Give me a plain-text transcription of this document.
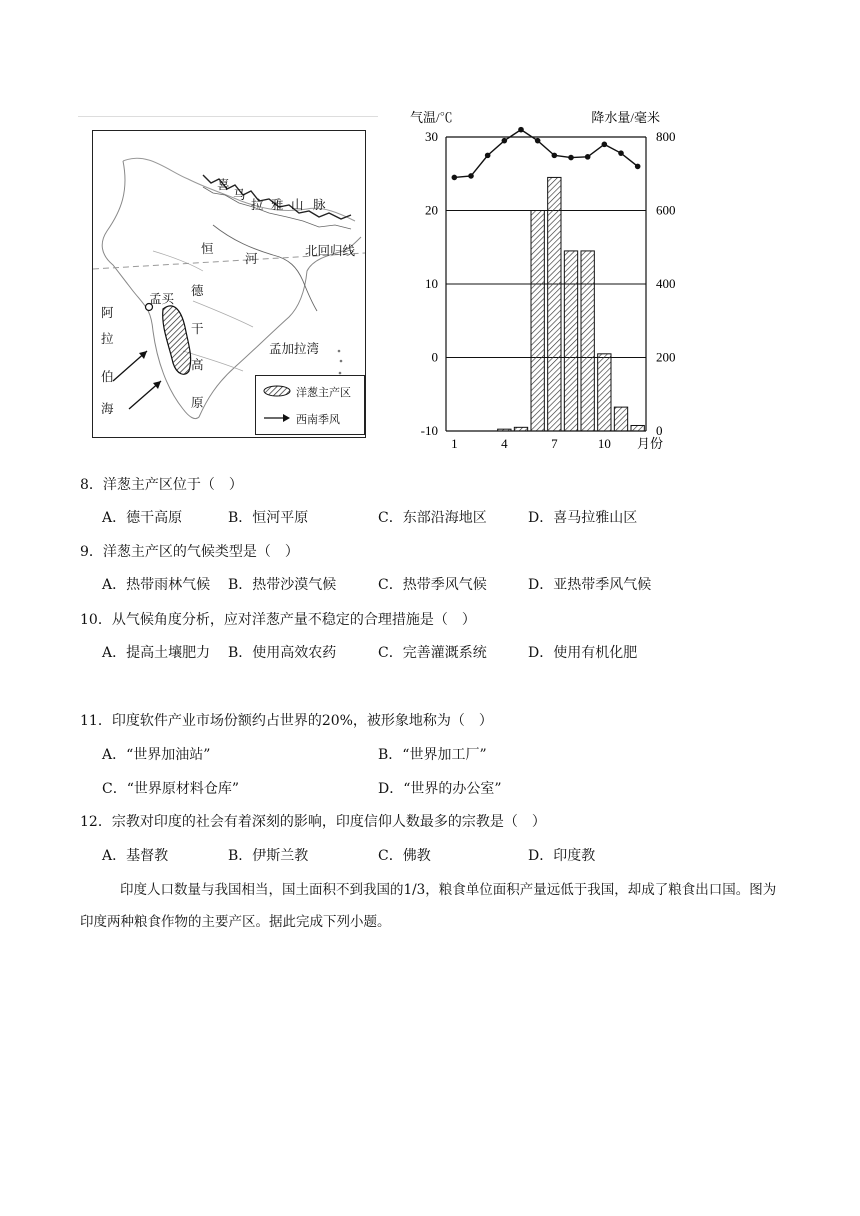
喜
马
拉 雅 山 脉
恒
河
北回归线
孟买
德
干
高
原
阿
拉
伯
海
孟加拉湾
洋葱主产区
西南季风
30	800
20	600
10	400
0	200
-10	0
气温/℃	降水量/毫米
1	4	7	10 月份
8．洋葱主产区位于（　）
A．德干高原	B．恒河平原	C．东部沿海地区	D．喜马拉雅山区
9．洋葱主产区的气候类型是（　）
A．热带雨林气候 B．热带沙漠气候	C．热带季风气候	D．亚热带季风气候
10．从气候角度分析，应对洋葱产量不稳定的合理措施是（　）
A．提高土壤肥力 B．使用高效农药	C．完善灌溉系统	D．使用有机化肥
11．印度软件产业市场份额约占世界的20%，被形象地称为（　）
A．“世界加油站”	B．“世界加工厂”
C．“世界原材料仓库”	D．“世界的办公室”
12．宗教对印度的社会有着深刻的影响，印度信仰人数最多的宗教是（　）
A．基督教	B．伊斯兰教	C．佛教	D．印度教
印度人口数量与我国相当，国土面积不到我国的1/3，粮食单位面积产量远低于我国，却成了粮食出口国。图为印度两种粮食作物的主要产区。据此完成下列小题。
